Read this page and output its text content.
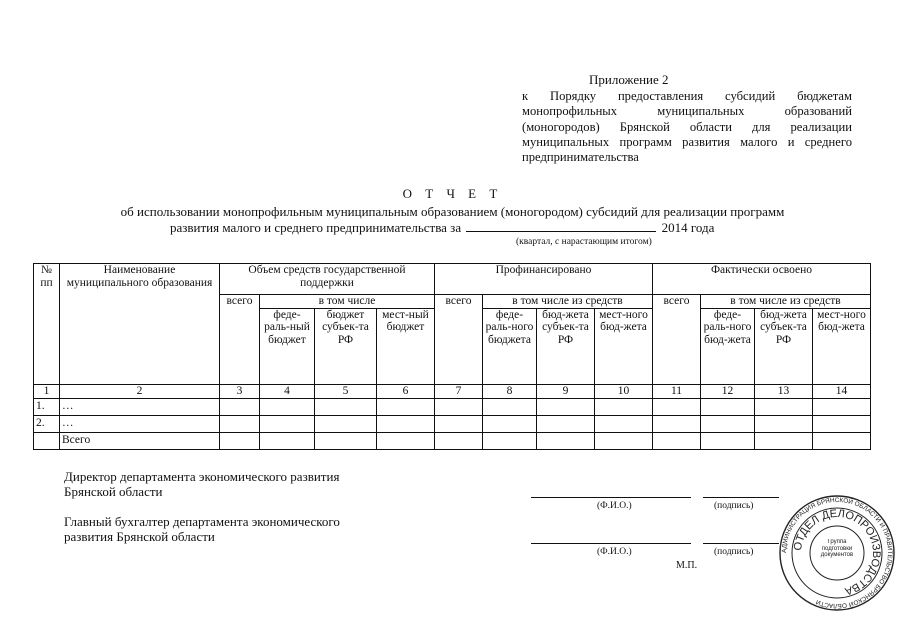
Приложение 2
к Порядку предоставления субсидий бюджетам монопрофильных муниципальных образований (моногородов) Брянской области для реализации муниципальных программ развития малого и среднего предпринимательства
О Т Ч Е Т
об использовании монопрофильным муниципальным образованием (моногородом) субсидий для реализации программ
развития малого и среднего предпринимательства за	2014 года
(квартал, с нарастающим итогом)
№ пп	Наименование муниципального образования	Объем средств государственной поддержки				Профинансировано				Фактически освоено			
		всего	в том числе			всего	в том числе из средств			всего	в том числе из средств		
			феде-раль-ный бюджет	бюджет субъек-та РФ	мест-ный бюджет		феде-раль-ного бюджета	бюд-жета субъек-та РФ	мест-ного бюд-жета		феде-раль-ного бюд-жета	бюд-жета субъек-та РФ	мест-ного бюд-жета
1	2	3	4	5	6	7	8	9	10	11	12	13	14
1.	…												
2.	…												
	Всего												
Директор департамента экономического развития Брянской области
(Ф.И.О.)	(подпись)
Главный бухгалтер департамента экономического развития Брянской области
(Ф.И.О.)	(подпись)
М.П.
АДМИНИСТРАЦИЯ БРЯНСКОЙ ОБЛАСТИ И ПРАВИТЕЛЬСТВО БРЯНСКОЙ ОБЛАСТИ
ОТДЕЛ ДЕЛОПРОИЗВОДСТВА
Группа подготовки документов
